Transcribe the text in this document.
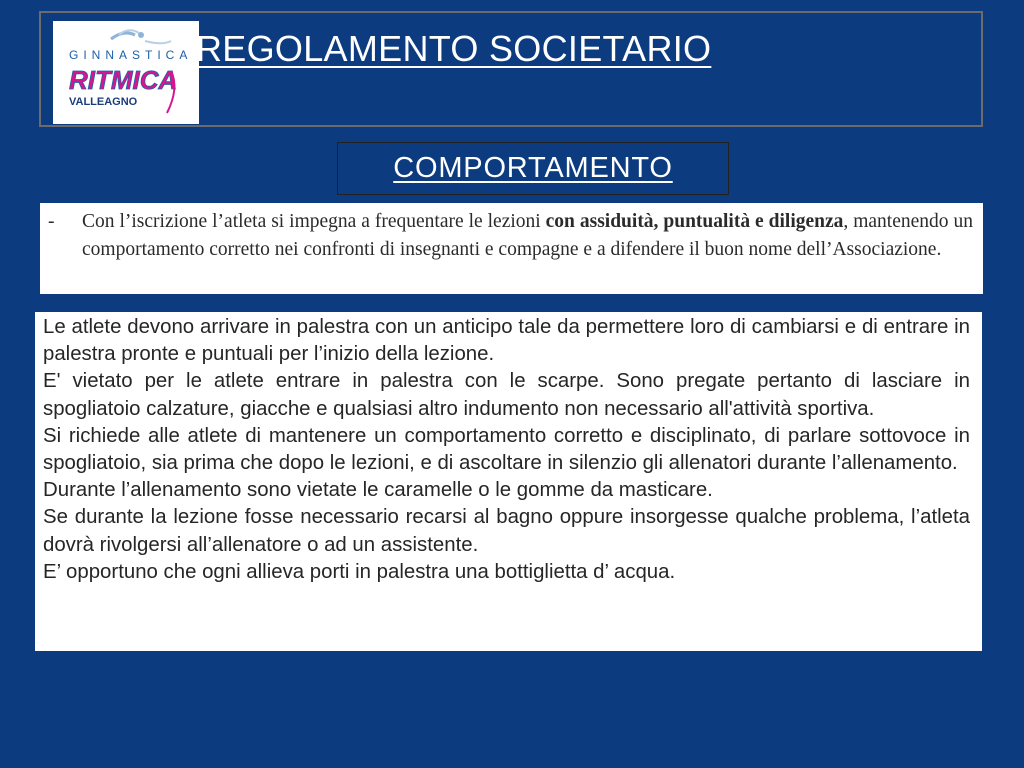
GINNASTICA
RITMICA
VALLEAGNO
REGOLAMENTO SOCIETARIO
COMPORTAMENTO
- Con l’iscrizione l’atleta si impegna a frequentare le lezioni con assiduità, puntualità e diligenza, mantenendo un comportamento corretto nei confronti di insegnanti e compagne e a difendere il buon nome dell’Associazione.

Le atlete devono arrivare in palestra con un anticipo tale da permettere loro di cambiarsi e di entrare in palestra pronte e puntuali per l’inizio della lezione.

E' vietato per le atlete entrare in palestra con le scarpe. Sono pregate pertanto di lasciare in spogliatoio calzature, giacche e qualsiasi altro indumento non necessario all'attività sportiva.

Si richiede alle atlete di mantenere un comportamento corretto e disciplinato, di parlare sottovoce in spogliatoio, sia prima che dopo le lezioni, e di ascoltare in silenzio gli allenatori durante l’allenamento.

Durante l’allenamento sono vietate le caramelle o le gomme da masticare.

Se durante la lezione fosse necessario recarsi al bagno oppure insorgesse qualche problema, l’atleta dovrà rivolgersi all’allenatore o ad un assistente.

E’ opportuno che ogni allieva porti in palestra una bottiglietta d’ acqua.
